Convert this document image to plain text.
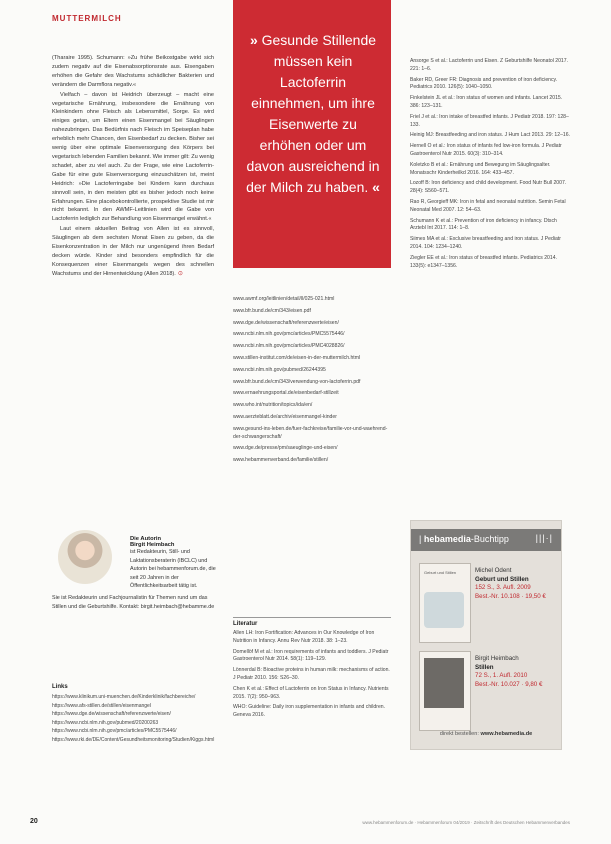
MUTTERMILCH

(Tharaire 1995). Schumann: »Zu frühe Beikostgabe wirkt sich zudem negativ auf die Eisenabsorptionsrate aus. Eisengaben erhöhen die Gefahr des Wachstums schädlicher Bakterien und verändern die Darmflora negativ.«

Vielfach – davon ist Heidrich überzeugt – macht eine vegetarische Ernährung, insbesondere die Ernährung von Kleinkindern ohne Fleisch als Lebensmittel, Sorge. Es wird einiges getan, um Eltern einen Eisenmangel bei Säuglingen nahezubringen. Das Bedürfnis nach Fleisch im Speiseplan habe erheblich mehr Chancen, den Eisenbedarf zu decken. Bisher sei wenig über eine optimale Eisenversorgung des Körpers bei vegetarisch lebenden Familien bekannt. Wie immer gilt: Zu wenig schadet, aber zu viel auch. Zu der Frage, wie eine Lactoferrin-Gabe für eine gute Eisenversorgung einzuschätzen ist, meint Heidrich: »Die Lactoferringabe bei Kindern kann durchaus sinnvoll sein, in den meisten gibt es bisher jedoch noch keine Erfahrungen. Eine placebokontrollierte, prospektive Studie ist mir nicht bekannt. In den AWMF-Leitlinien wird die Gabe von Lactoferrin lediglich zur Behandlung von Eisenmangel erwähnt.«

Laut einem aktuellen Beitrag von Allen ist es sinnvoll, Säuglingen ab dem sechsten Monat Eisen zu geben, da die Eisenkonzentration in der Milch nur ungenügend ihren Bedarf decken würde. Kinder sind besonders empfindlich für die Konsequenzen einer Eisenmangels wegen des schnellen Wachstums und der Hirnentwicklung (Allen 2018). ⊙

» Gesunde Stillende müssen kein Lactoferrin einnehmen, um ihre Eisenwerte zu erhöhen oder um davon ausreichend in der Milch zu haben. «
Die Autorin
Birgit Heimbach
ist Redakteurin, Still- und Laktationsberaterin (IBCLC) und Autorin bei hebammenforum.de, die seit 20 Jahren in der Öffentlichkeitsarbeit tätig ist.
Sie ist Redakteurin und Fachjournalistin für Themen rund um das Stillen und die Geburtshilfe. Kontakt: birgit.heimbach@hebamme.de
Links
https://www.klinikum.uni-muenchen.de/Kinderklinik/fachbereiche/
https://www.afs-stillen.de/stillen/eisenmangel
https://www.dge.de/wissenschaft/referenzwerte/eisen/
https://www.ncbi.nlm.nih.gov/pubmed/20200263
https://www.ncbi.nlm.nih.gov/pmc/articles/PMC5575446/
https://www.rki.de/DE/Content/Gesundheitsmonitoring/Studien/Kiggs.html
www.awmf.org/leitlinien/detail/ll/025-021.html
www.bfr.bund.de/cm/343/eisen.pdf
www.dge.de/wissenschaft/referenzwerte/eisen/
www.ncbi.nlm.nih.gov/pmc/articles/PMC5575446/
www.ncbi.nlm.nih.gov/pmc/articles/PMC4028826/
www.stillen-institut.com/de/eisen-in-der-muttermilch.html
www.ncbi.nlm.nih.gov/pubmed/26244395
www.bfr.bund.de/cm/343/verwendung-von-lactoferrin.pdf
www.ernaehrungsportal.de/eisenbedarf-stillzeit
www.who.int/nutrition/topics/ida/en/
www.aerzteblatt.de/archiv/eisenmangel-kinder
www.gesund-ins-leben.de/fuer-fachkreise/familie-vor-und-waehrend-der-schwangerschaft/
www.dge.de/presse/pm/saeuglinge-und-eisen/
www.hebammenverband.de/familie/stillen/
Literatur
Allen LH: Iron Fortification: Advances in Our Knowledge of Iron Nutrition in Infancy. Annu Rev Nutr 2018. 38: 1–23.
Domellöf M et al.: Iron requirements of infants and toddlers. J Pediatr Gastroenterol Nutr 2014. 58(1): 119–129.
Lönnerdal B: Bioactive proteins in human milk: mechanisms of action. J Pediatr 2010. 156: S26–30.
Chen K et al.: Effect of Lactoferrin on Iron Status in Infancy. Nutrients 2015. 7(2): 950–963.
WHO: Guideline: Daily iron supplementation in infants and children. Geneva 2016.
Ansorge S et al.: Lactoferrin und Eisen. Z Geburtshilfe Neonatol 2017. 221: 1–6.
Baker RD, Greer FR: Diagnosis and prevention of iron deficiency. Pediatrics 2010. 126(5): 1040–1050.
Finkelstein JL et al.: Iron status of women and infants. Lancet 2015. 386: 123–131.
Friel J et al.: Iron intake of breastfed infants. J Pediatr 2018. 197: 128–133.
Heinig MJ: Breastfeeding and iron status. J Hum Lact 2013. 29: 12–16.
Hernell O et al.: Iron status of infants fed low-iron formula. J Pediatr Gastroenterol Nutr 2015. 60(3): 310–314.
Koletzko B et al.: Ernährung und Bewegung im Säuglingsalter. Monatsschr Kinderheilkd 2016. 164: 433–457.
Lozoff B: Iron deficiency and child development. Food Nutr Bull 2007. 28(4): S560–571.
Rao R, Georgieff MK: Iron in fetal and neonatal nutrition. Semin Fetal Neonatal Med 2007. 12: 54–63.
Schumann K et al.: Prevention of iron deficiency in infancy. Dtsch Arztebl Int 2017. 114: 1–8.
Siimes MA et al.: Exclusive breastfeeding and iron status. J Pediatr 2014. 104: 1234–1240.
Ziegler EE et al.: Iron status of breastfed infants. Pediatrics 2014. 133(5): e1347–1356.
| hebamedia-Buchtipp	|||·|
Geburt und Stillen	Michel Odent
Geburt und Stillen
152 S., 3. Aufl. 2009
Best.-Nr. 10.108 · 19,50 €
Birgit Heimbach
Stillen
72 S., 1. Aufl. 2010
Best.-Nr. 10.027 · 9,80 €
direkt bestellen: www.hebamedia.de
20	www.hebammenforum.de · Hebammenforum 04/2019 · Zeitschrift des Deutschen Hebammenverbandes
